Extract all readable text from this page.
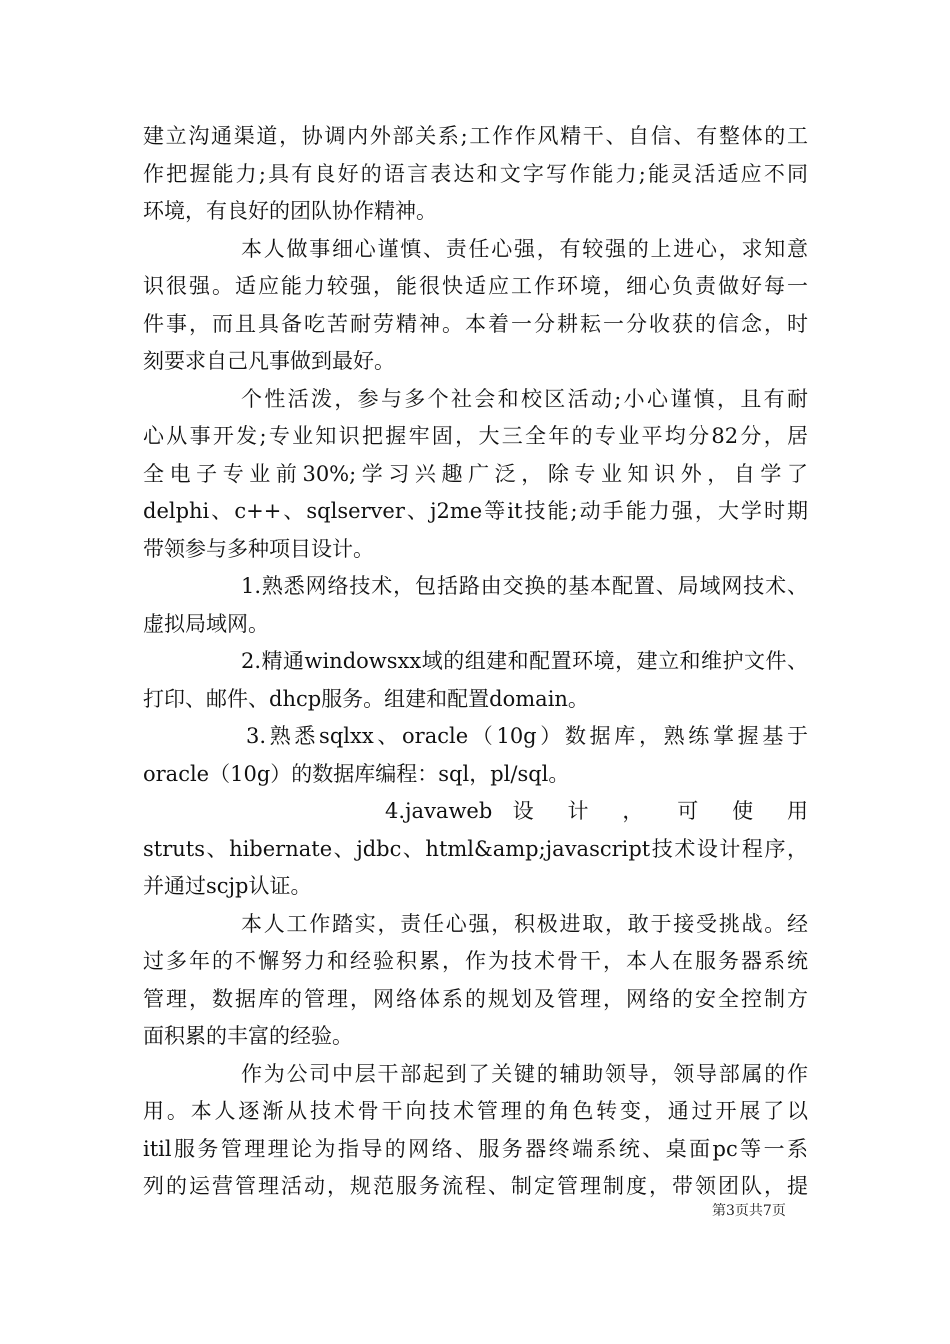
建立沟通渠道，协调内外部关系;工作作风精干、自信、有整体的工
作把握能力;具有良好的语言表达和文字写作能力;能灵活适应不同
环境，有良好的团队协作精神。
本人做事细心谨慎、责任心强，有较强的上进心，求知意
识很强。适应能力较强，能很快适应工作环境，细心负责做好每一
件事，而且具备吃苦耐劳精神。本着一分耕耘一分收获的信念，时
刻要求自己凡事做到最好。
个性活泼，参与多个社会和校区活动;小心谨慎，且有耐
心从事开发;专业知识把握牢固，大三全年的专业平均分82分，居
全电子专业前30%;学习兴趣广泛，除专业知识外，自学了
delphi、c++、sqlserver、j2me等it技能;动手能力强，大学时期
带领参与多种项目设计。
1.熟悉网络技术，包括路由交换的基本配置、局域网技术、
虚拟局域网。
2.精通windowsxx域的组建和配置环境，建立和维护文件、
打印、邮件、dhcp服务。组建和配置domain。
3.熟悉sqlxx、oracle（10g）数据库，熟练掌握基于
oracle（10g）的数据库编程：sql，pl/sql。
4.javaweb 设 计 ， 可 使 用
struts、hibernate、jdbc、html&amp;javascript技术设计程序，
并通过scjp认证。
本人工作踏实，责任心强，积极进取，敢于接受挑战。经
过多年的不懈努力和经验积累，作为技术骨干，本人在服务器系统
管理，数据库的管理，网络体系的规划及管理，网络的安全控制方
面积累的丰富的经验。
作为公司中层干部起到了关键的辅助领导，领导部属的作
用。本人逐渐从技术骨干向技术管理的角色转变，通过开展了以
itil服务管理理论为指导的网络、服务器终端系统、桌面pc等一系
列的运营管理活动，规范服务流程、制定管理制度，带领团队，提
第3页共7页
